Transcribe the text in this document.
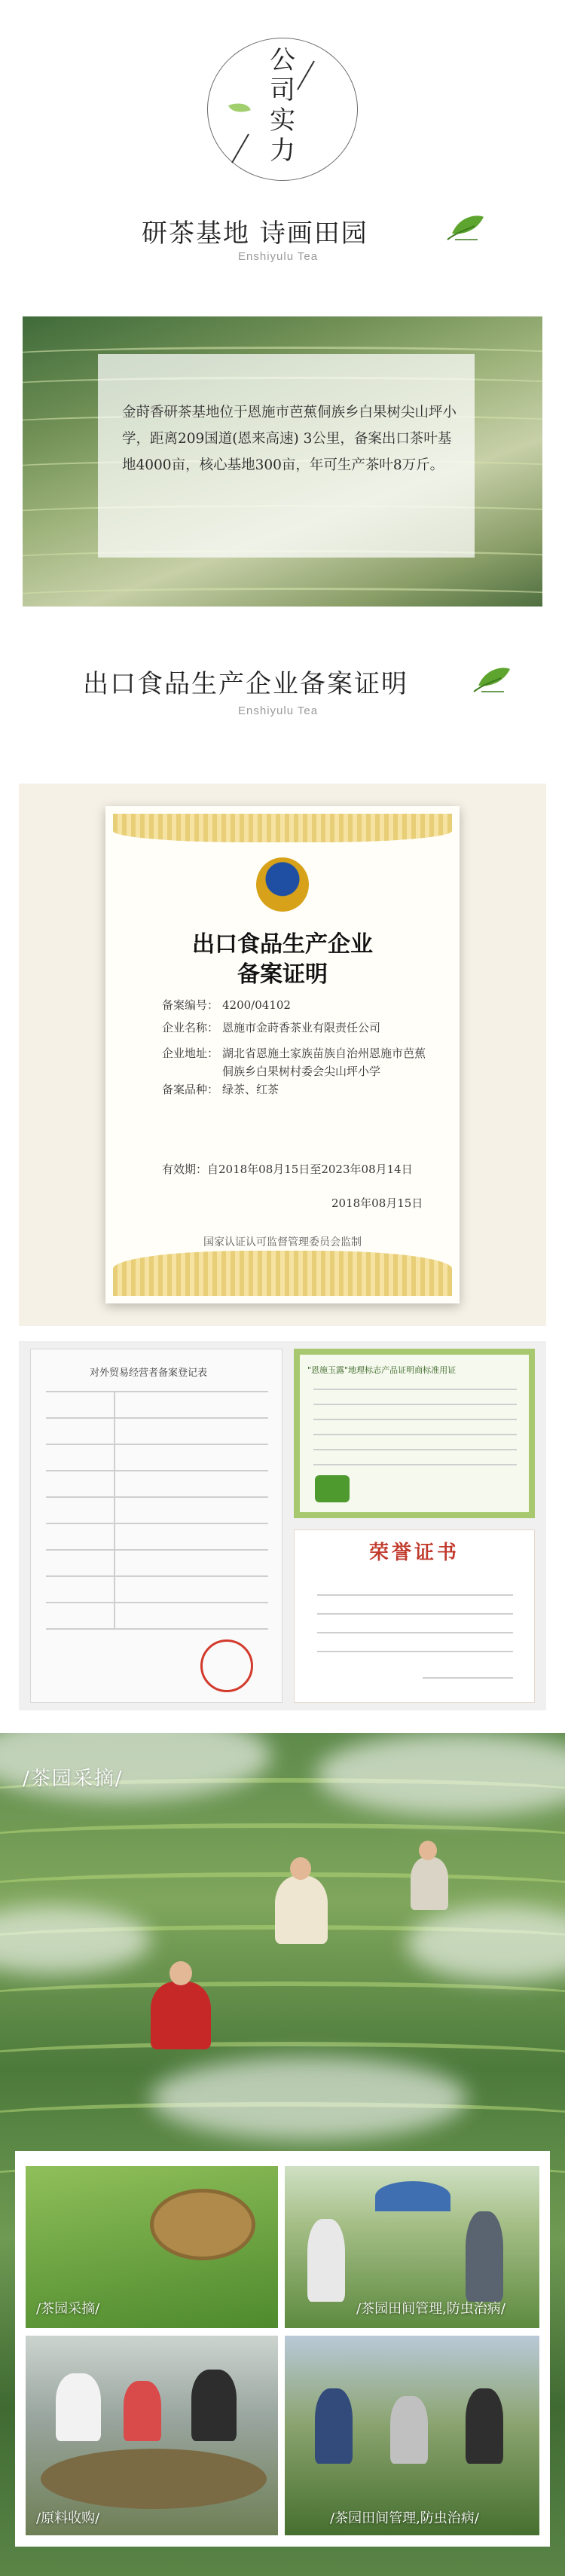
公司实力
研茶基地 诗画田园
Enshiyulu Tea
金莳香研茶基地位于恩施市芭蕉侗族乡白果树尖山坪小学，距离209国道(恩来高速) 3公里，备案出口茶叶基地4000亩，核心基地300亩，年可生产茶叶8万斤。
出口食品生产企业备案证明
Enshiyulu Tea
出口食品生产企业
备案证明
备案编号： 4200/04102
企业名称： 恩施市金莳香茶业有限责任公司
企业地址： 湖北省恩施土家族苗族自治州恩施市芭蕉侗族乡白果树村委会尖山坪小学
备案品种： 绿茶、红茶
有效期：自2018年08月15日至2023年08月14日
2018年08月15日
国家认证认可监督管理委员会监制
对外贸易经营者备案登记表	"恩施玉露"地理标志产品证明商标准用证
荣誉证书
/茶园采摘/
/茶园采摘/	/茶园田间管理,防虫治病/
/原料收购/	/茶园田间管理,防虫治病/
